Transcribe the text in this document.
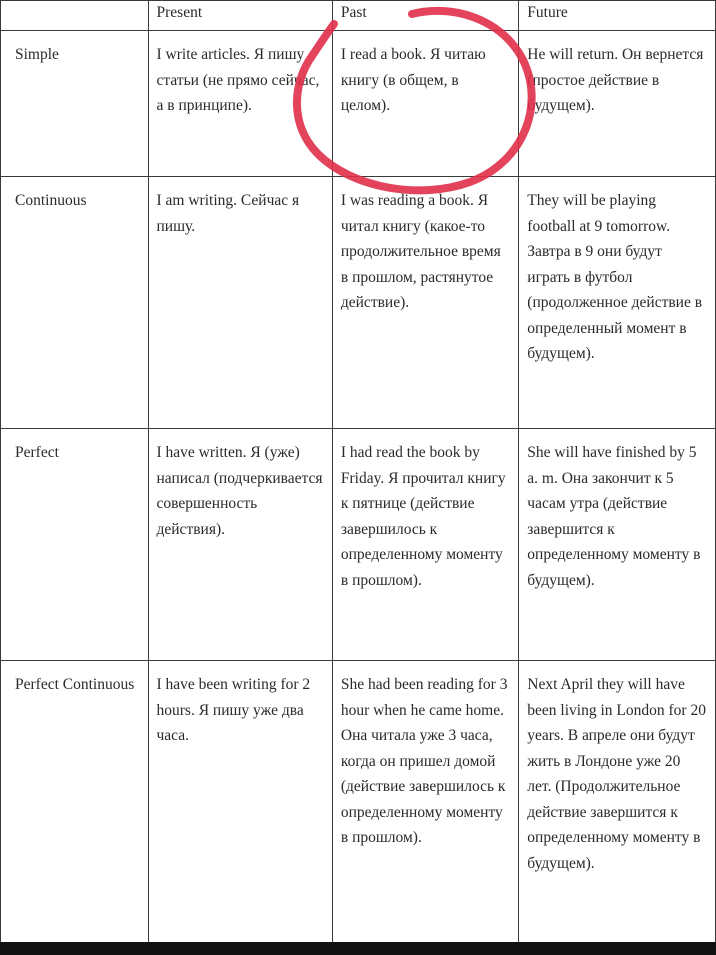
	Present	Past	Future
Simple	I write articles. Я пишу статьи (не прямо сейчас, а в принципе).	I read a book. Я читаю книгу (в общем, в целом).	He will return. Он вернется (простое действие в будущем).
Continuous	I am writing. Сейчас я пишу.	I was reading a book. Я читал книгу (какое-то продолжительное время в прошлом, растянутое действие).	They will be playing football at 9 tomorrow. Завтра в 9 они будут играть в футбол (продолженное действие в определенный момент в будущем).
Perfect	I have written. Я (уже) написал (подчеркивается совершенность действия).	I had read the book by Friday. Я прочитал книгу к пятнице (действие завершилось к определенному моменту в прошлом).	She will have finished by 5 a. m. Она закончит к 5 часам утра (действие завершится к определенному моменту в будущем).
Perfect Continuous	I have been writing for 2 hours. Я пишу уже два часа.	She had been reading for 3 hour when he came home. Она читала уже 3 часа, когда он пришел домой (действие завершилось к определенному моменту в прошлом).	Next April they will have been living in London for 20 years. В апреле они будут жить в Лондоне уже 20 лет. (Продолжительное действие завершится к определенному моменту в будущем).
